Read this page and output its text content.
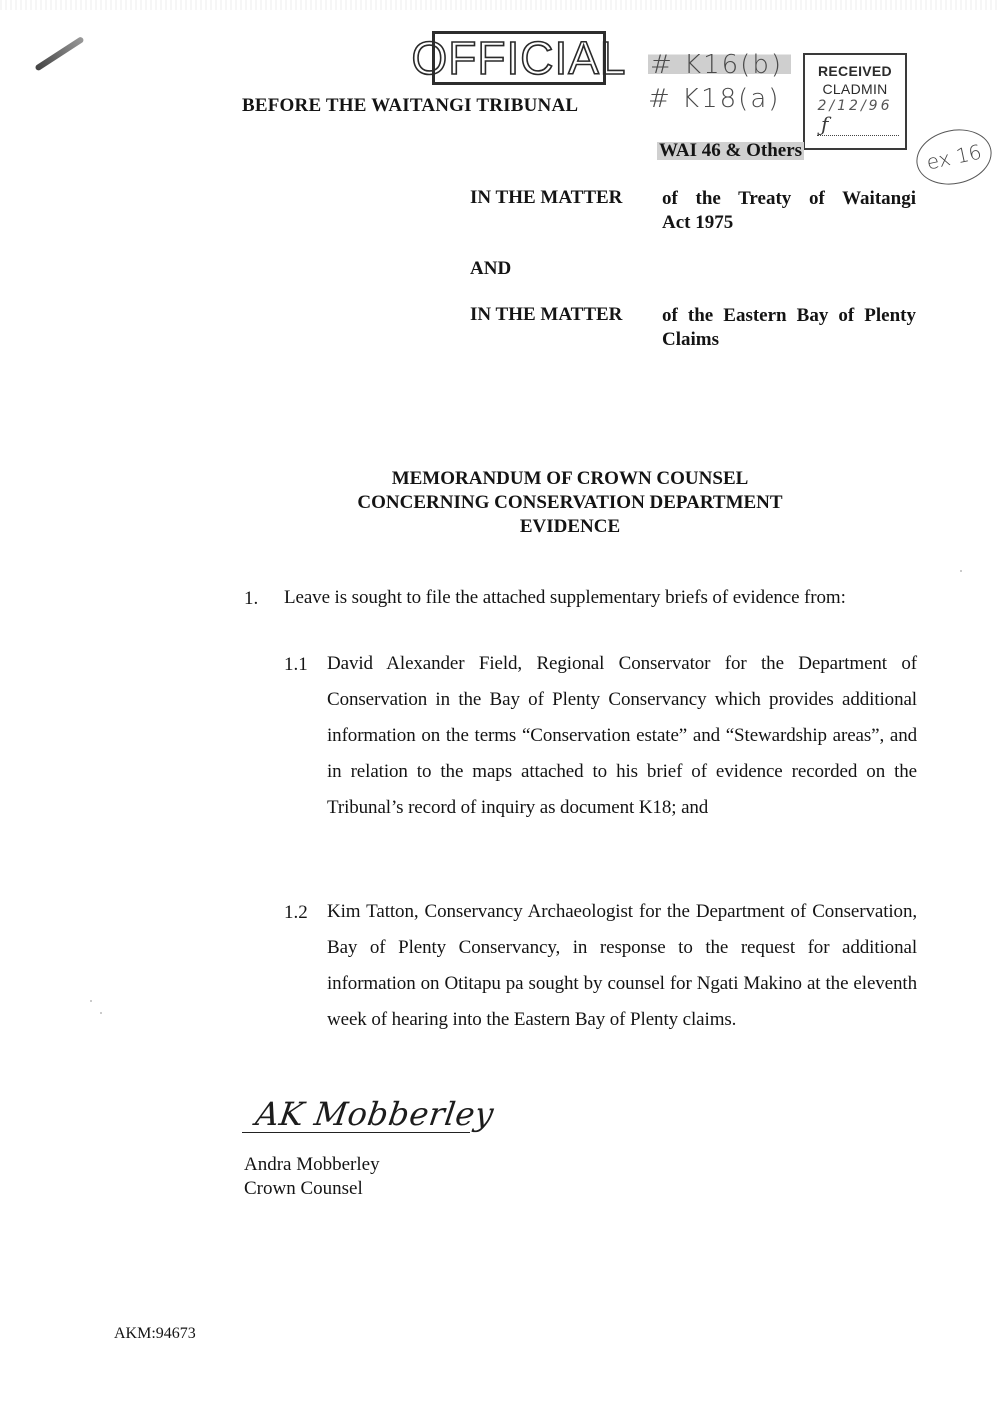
OFFICIAL
BEFORE THE WAITANGI TRIBUNAL
# K16(b)
# K18(a)
RECEIVED
CLADMIN
2/12/96
ƒ
WAI 46 & Others	ex 16
IN THE MATTER of the Treaty of Waitangi
Act 1975
AND
IN THE MATTER of the Eastern Bay of Plenty
Claims
MEMORANDUM OF CROWN COUNSEL
CONCERNING CONSERVATION DEPARTMENT
EVIDENCE
1. Leave is sought to file the attached supplementary briefs of evidence from:
1.1 David Alexander Field, Regional Conservator for the Department of Conservation in the Bay of Plenty Conservancy which provides additional information on the terms “Conservation estate” and “Stewardship areas”, and in relation to the maps attached to his brief of evidence recorded on the Tribunal’s record of inquiry as document K18; and
1.2 Kim Tatton, Conservancy Archaeologist for the Department of Conservation, Bay of Plenty Conservancy, in response to the request for additional information on Otitapu pa sought by counsel for Ngati Makino at the eleventh week of hearing into the Eastern Bay of Plenty claims.
AK Mobberley
Andra Mobberley
Crown Counsel
AKM:94673
